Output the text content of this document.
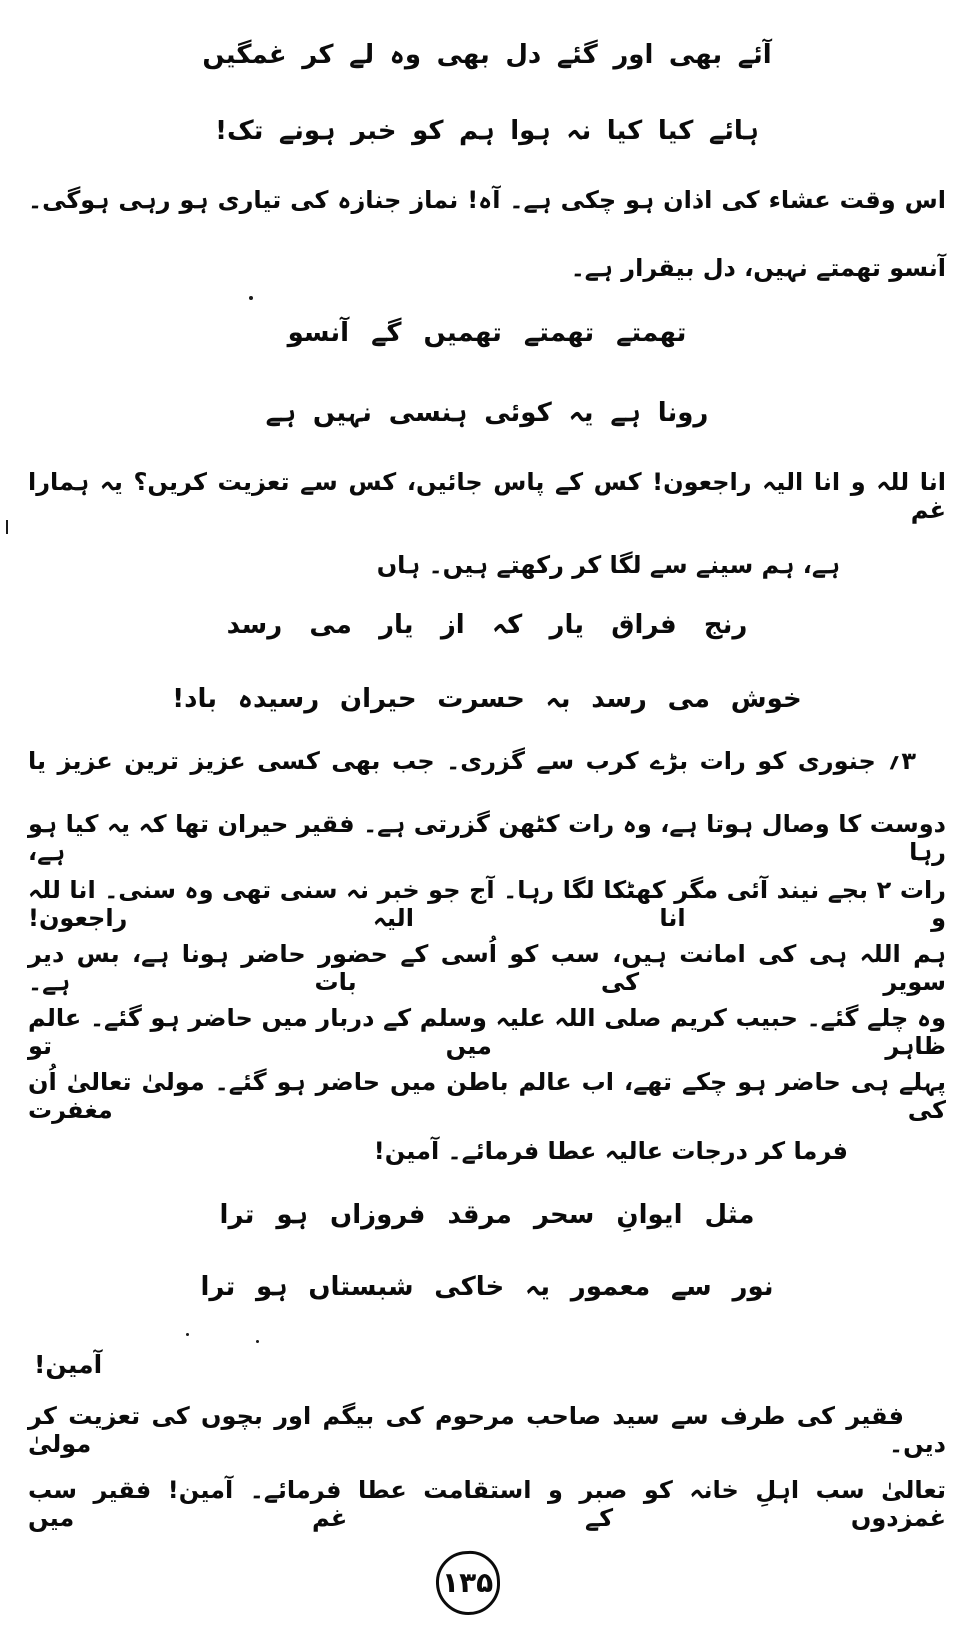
آئے بھی اور گئے دل بھی وہ لے کر غمگیں
ہائے کیا کیا نہ ہوا ہم کو خبر ہونے تک!
اس وقت عشاء کی اذان ہو چکی ہے۔ آہ! نماز جنازہ کی تیاری ہو رہی ہوگی۔
آنسو تھمتے نہیں، دل بیقرار ہے۔
تھمتے تھمتے تھمیں گے آنسو
رونا ہے یہ کوئی ہنسی نہیں ہے
انا للہ و انا الیہ راجعون! کس کے پاس جائیں، کس سے تعزیت کریں؟ یہ ہمارا غم
ہے، ہم سینے سے لگا کر رکھتے ہیں۔ ہاں
رنج فراق یار کہ از یار می رسد
خوش می رسد بہ حسرت حیران رسیدہ باد!
۳؍ جنوری کو رات بڑے کرب سے گزری۔ جب بھی کسی عزیز ترین عزیز یا
دوست کا وصال ہوتا ہے، وہ رات کٹھن گزرتی ہے۔ فقیر حیران تھا کہ یہ کیا ہو رہا ہے،
رات ۲ بجے نیند آئی مگر کھٹکا لگا رہا۔ آج جو خبر نہ سنی تھی وہ سنی۔ انا للہ و انا الیہ راجعون!
ہم اللہ ہی کی امانت ہیں، سب کو اُسی کے حضور حاضر ہونا ہے، بس دیر سویر کی بات ہے۔
وہ چلے گئے۔ حبیب کریم صلی اللہ علیہ وسلم کے دربار میں حاضر ہو گئے۔ عالم ظاہر میں تو
پہلے ہی حاضر ہو چکے تھے، اب عالم باطن میں حاضر ہو گئے۔ مولیٰ تعالیٰ اُن کی مغفرت
فرما کر درجات عالیہ عطا فرمائے۔ آمین!
مثل ایوانِ سحر مرقد فروزاں ہو ترا
نور سے معمور یہ خاکی شبستاں ہو ترا
آمین!
فقیر کی طرف سے سید صاحب مرحوم کی بیگم اور بچوں کی تعزیت کر دیں۔ مولیٰ
تعالیٰ سب اہلِ خانہ کو صبر و استقامت عطا فرمائے۔ آمین! فقیر سب غمزدوں کے غم میں
۱۳۵
